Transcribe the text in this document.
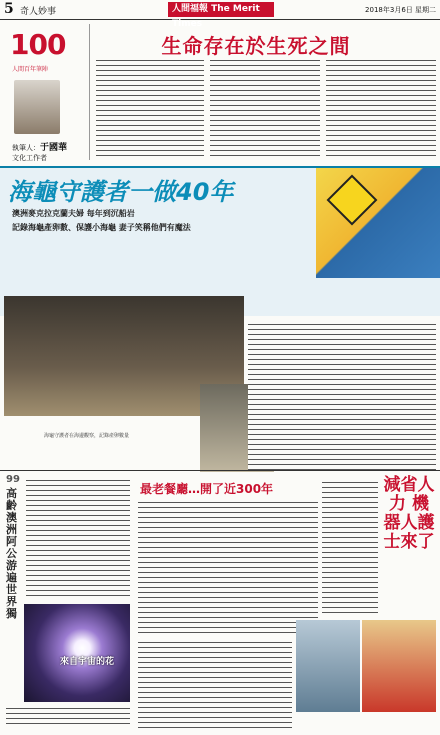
5 奇人妙事	人間福報 The Merit Times
2018年3月6日 星期二
100
人間百年筆陣
執筆人：于國華
文化工作者
生命存在於生死之間
海龜守護者一做40年
澳洲麥克拉克蘭夫婦 每年到沉船岩
記錄海龜產卵數、保護小海龜 妻子笑稱他們有魔法
海龜守護者在海邊觀察，記錄產卵數量
99
高齡澳洲阿公 游遍世界獨
來自宇宙的花
最老餐廳…開了近300年	減省人力 機器人護士來了
